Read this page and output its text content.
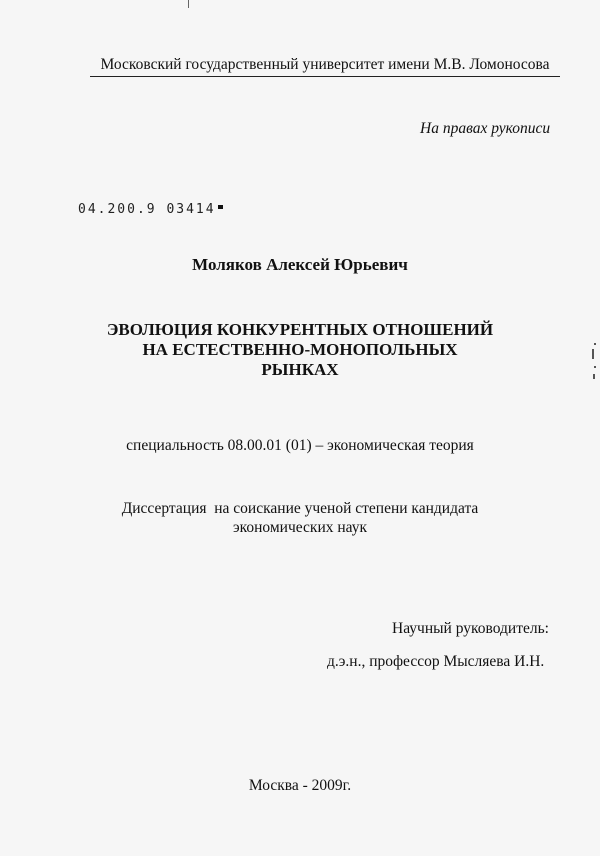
Московский государственный университет имени М.В. Ломоносова
На правах рукописи
04.200.9 03414
Моляков Алексей Юрьевич
ЭВОЛЮЦИЯ КОНКУРЕНТНЫХ ОТНОШЕНИЙ
НА ЕСТЕСТВЕННО-МОНОПОЛЬНЫХ
РЫНКАХ
специальность 08.00.01 (01) – экономическая теория
Диссертация  на соискание ученой степени кандидата
экономических наук
Научный руководитель:
д.э.н., профессор Мысляева И.Н.
Москва - 2009г.
